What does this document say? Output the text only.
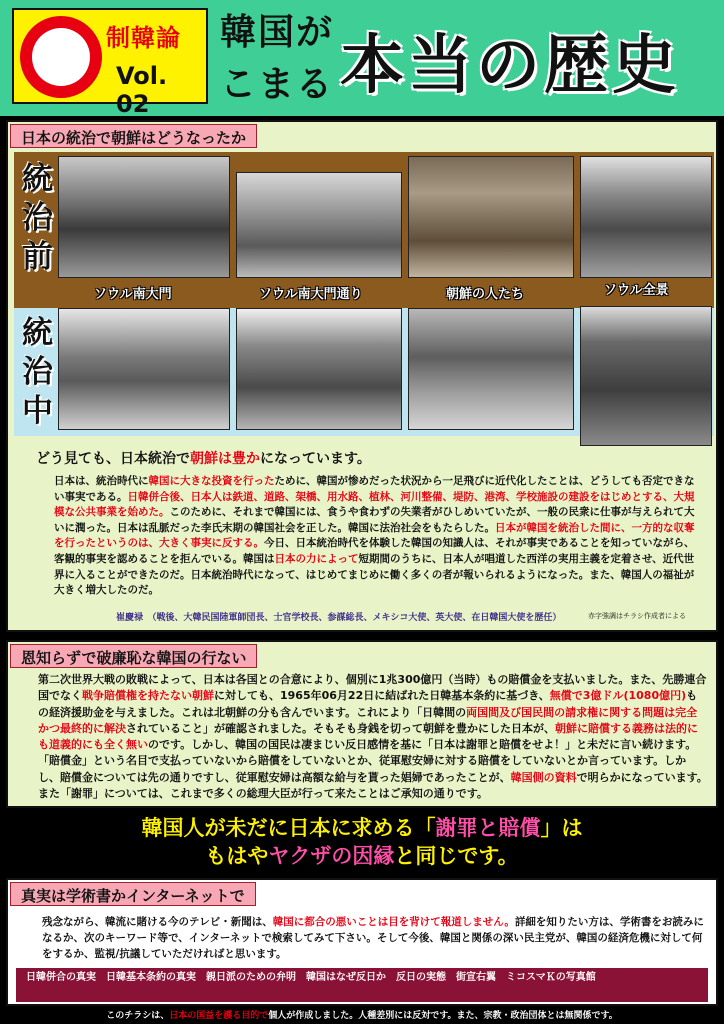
制韓論
Vol. 02
韓国が
こまる 本当の歴史
日本の統治で朝鮮はどうなったか
統
治
前
ソウル南大門	ソウル南大門通り	朝鮮の人たち	ソウル全景
統
治
中
どう見ても、日本統治で朝鮮は豊かになっています。
日本は、統治時代に韓国に大きな投資を行ったために、韓国が惨めだった状況から一足飛びに近代化したことは、どうしても否定できない事実である。日韓併合後、日本人は鉄道、道路、架橋、用水路、植林、河川整備、堤防、港湾、学校施設の建設をはじめとする、大規模な公共事業を始めた。このために、それまで韓国には、食うや食わずの失業者がひしめいていたが、一般の民衆に仕事が与えられて大いに潤った。日本は乱脈だった李氏末期の韓国社会を正した。韓国に法治社会をもたらした。日本が韓国を統治した間に、一方的な収奪を行ったというのは、大きく事実に反する。今日、日本統治時代を体験した韓国の知識人は、それが事実であることを知っていながら、客観的事実を認めることを拒んでいる。韓国は日本の力によって短期間のうちに、日本人が唱道した西洋の実用主義を定着させ、近代世界に入ることができたのだ。日本統治時代になって、はじめてまじめに働く多くの者が報いられるようになった。また、韓国人の福祉が大きく増大したのだ。
崔慶禄　（戦後、大韓民国陸軍師団長、士官学校長、参謀総長、メキシコ大使、英大使、在日韓国大使を歴任）	赤字強調はチラシ作成者による
恩知らずで破廉恥な韓国の行ない
第二次世界大戦の敗戦によって、日本は各国との合意により、個別に1兆300億円（当時）もの賠償金を支払いました。また、先勝連合国でなく戦争賠償権を持たない朝鮮に対しても、1965年06月22日に結ばれた日韓基本条約に基づき、無償で3億ドル(1080億円)もの経済援助金を与えました。これは北朝鮮の分も含んでいます。これにより「日韓間の両国間及び国民間の請求権に関する問題は完全かつ最終的に解決されていること」が確認されました。そもそも身銭を切って朝鮮を豊かにした日本が、朝鮮に賠償する義務は法的にも道義的にも全く無いのです。しかし、韓国の国民は凄まじい反日感情を基に「日本は謝罪と賠償をせよ！」と未だに言い続けます。「賠償金」という名目で支払っていないから賠償をしていないとか、従軍慰安婦に対する賠償をしていないとか言っています。しかし、賠償金については先の通りですし、従軍慰安婦は高額な給与を貰った娼婦であったことが、韓国側の資料で明らかになっています。また「謝罪」については、これまで多くの総理大臣が行って来たことはご承知の通りです。
韓国人が未だに日本に求める「謝罪と賠償」は
もはやヤクザの因縁と同じです。
真実は学術書かインターネットで
残念ながら、韓流に賭ける今のテレビ・新聞は、韓国に都合の悪いことは目を背けて報道しません。詳細を知りたい方は、学術書をお読みになるか、次のキーワード等で、インターネットで検索してみて下さい。そして今後、韓国と関係の深い民主党が、韓国の経済危機に対して何をするか、監視/抗議していただければと思います。
日韓併合の真実　日韓基本条約の真実　親日派のための弁明　韓国はなぜ反日か　反日の実態　街宣右翼　ミコスマＫの写真館
このチラシは、日本の国益を護る目的で個人が作成しました。人種差別には反対です。また、宗教・政治団体とは無関係です。
